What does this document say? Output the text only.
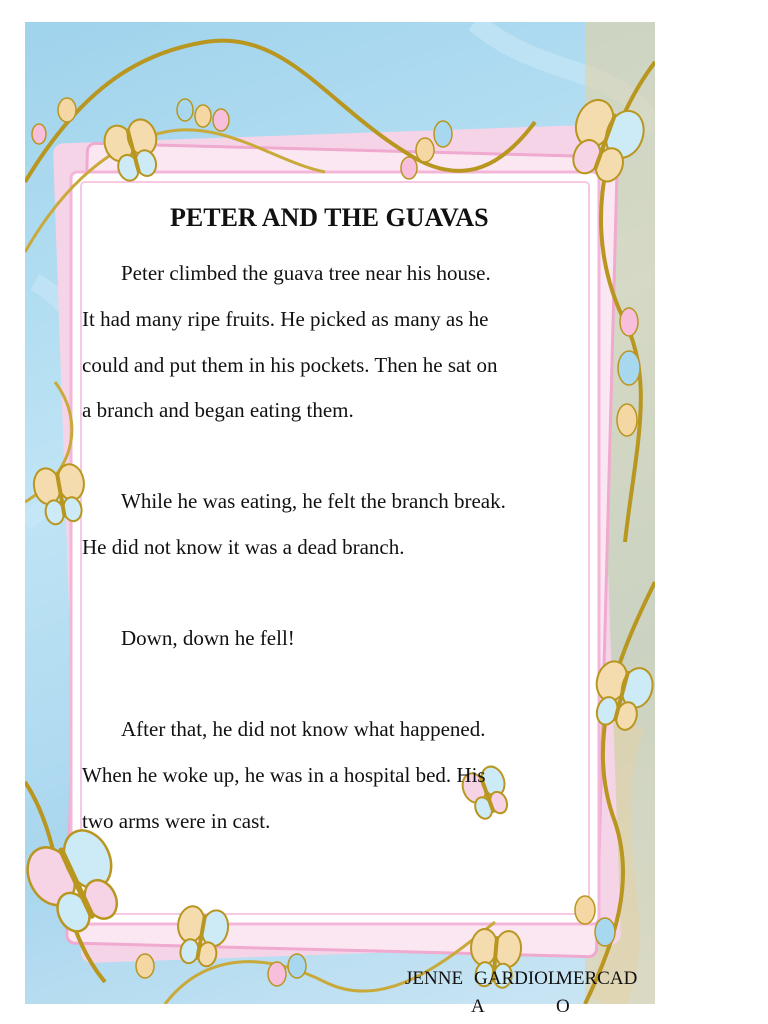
PETER AND THE GUAVAS
Peter climbed the guava tree near his house.
It had many ripe fruits. He picked as many as he
could and put them in his pockets. Then he sat on
a branch and began eating them.
While he was eating, he felt the branch break.
He did not know it was a dead branch.
Down, down he fell!
After that, he did not know what happened.
When he woke up, he was in a hospital bed. His
two arms were in cast.
JENNE
A
GARDIOL
MERCAD
O
